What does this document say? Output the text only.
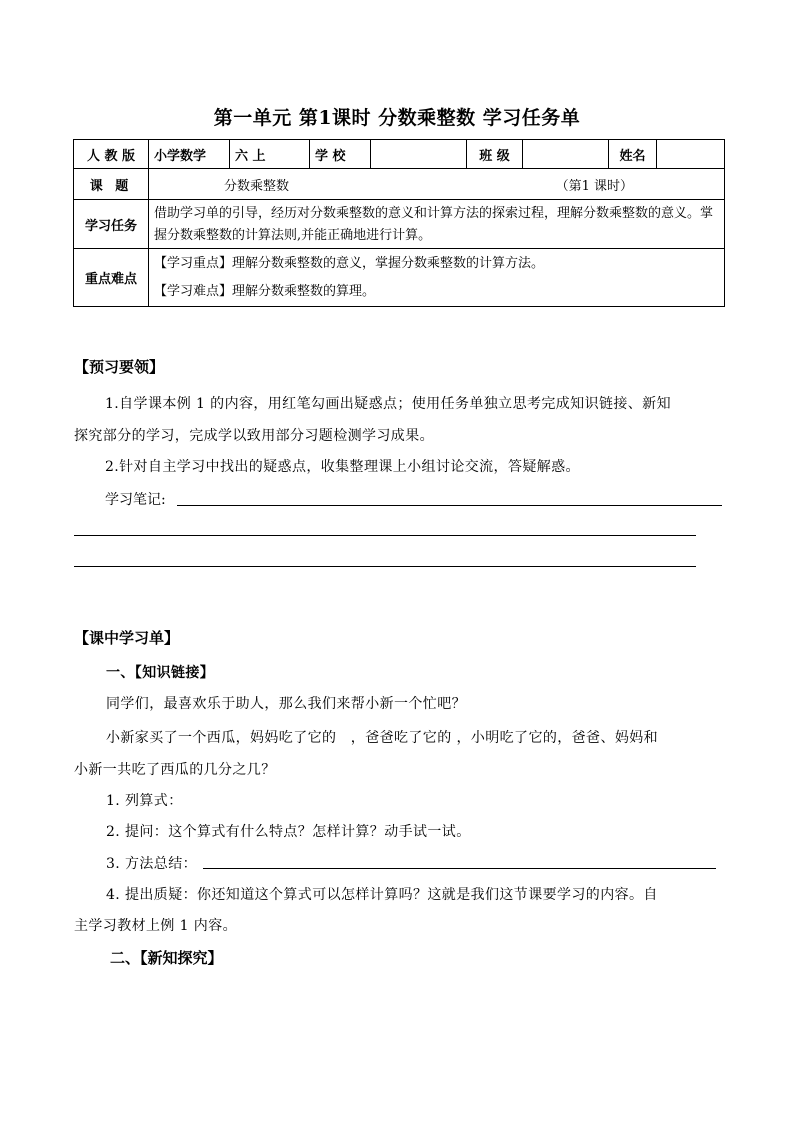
第一单元 第1课时 分数乘整数 学习任务单
人 教 版	小学数学	六 上	学 校		班 级		姓名	
课 题	分数乘整数 （第1 课时）							

学习任务	借助学习单的引导，经历对分数乘整数的意义和计算方法的探索过程，理解分数乘整数的意义。掌握分数乘整数的计算法则,并能正确地进行计算。							
重点难点	【学习重点】理解分数乘整数的意义，掌握分数乘整数的计算方法。
【学习难点】理解分数乘整数的算理。							
【预习要领】
1.自学课本例 1 的内容，用红笔勾画出疑惑点；使用任务单独立思考完成知识链接、新知
探究部分的学习，完成学以致用部分习题检测学习成果。
2.针对自主学习中找出的疑惑点，收集整理课上小组讨论交流，答疑解惑。
学习笔记:
【课中学习单】
一、【知识链接】
同学们，最喜欢乐于助人，那么我们来帮小新一个忙吧？
小新家买了一个西瓜，妈妈吃了它的　，爸爸吃了它的 ，小明吃了它的，爸爸、妈妈和
小新一共吃了西瓜的几分之几？
1. 列算式：
2. 提问：这个算式有什么特点？怎样计算？动手试一试。
3. 方法总结：
4. 提出质疑：你还知道这个算式可以怎样计算吗？这就是我们这节课要学习的内容。自
主学习教材上例 1 内容。
二、【新知探究】
